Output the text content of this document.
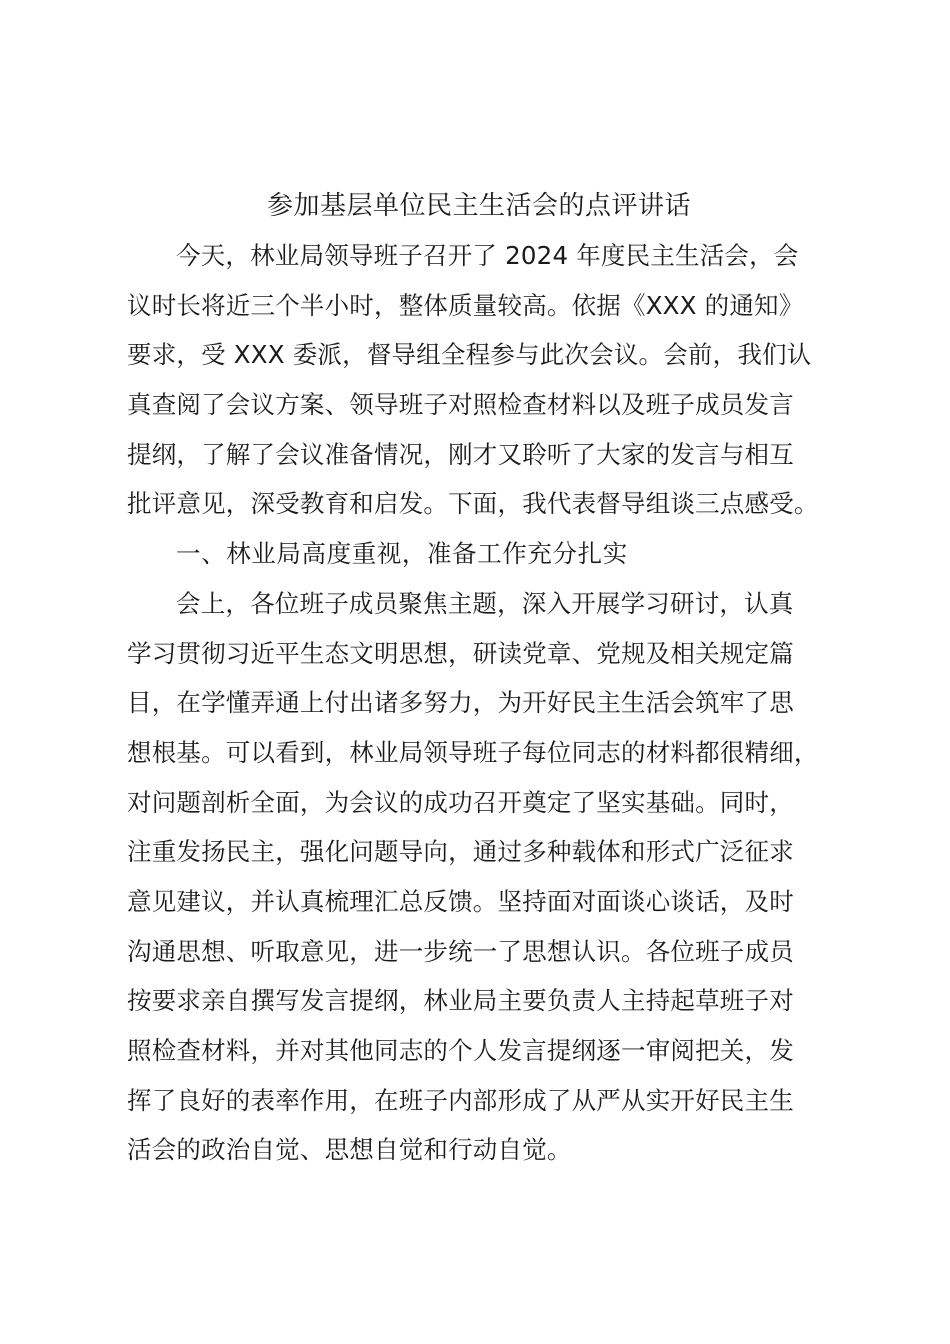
参加基层单位民主生活会的点评讲话
今天，林业局领导班子召开了 2024 年度民主生活会，会
议时长将近三个半小时，整体质量较高。依据《XXX 的通知》
要求，受 XXX 委派，督导组全程参与此次会议。会前，我们认
真查阅了会议方案、领导班子对照检查材料以及班子成员发言
提纲，了解了会议准备情况，刚才又聆听了大家的发言与相互
批评意见，深受教育和启发。下面，我代表督导组谈三点感受。
一、林业局高度重视，准备工作充分扎实
会上，各位班子成员聚焦主题，深入开展学习研讨，认真
学习贯彻习近平生态文明思想，研读党章、党规及相关规定篇
目，在学懂弄通上付出诸多努力，为开好民主生活会筑牢了思
想根基。可以看到，林业局领导班子每位同志的材料都很精细，
对问题剖析全面，为会议的成功召开奠定了坚实基础。同时，
注重发扬民主，强化问题导向，通过多种载体和形式广泛征求
意见建议，并认真梳理汇总反馈。坚持面对面谈心谈话，及时
沟通思想、听取意见，进一步统一了思想认识。各位班子成员
按要求亲自撰写发言提纲，林业局主要负责人主持起草班子对
照检查材料，并对其他同志的个人发言提纲逐一审阅把关，发
挥了良好的表率作用，在班子内部形成了从严从实开好民主生
活会的政治自觉、思想自觉和行动自觉。
